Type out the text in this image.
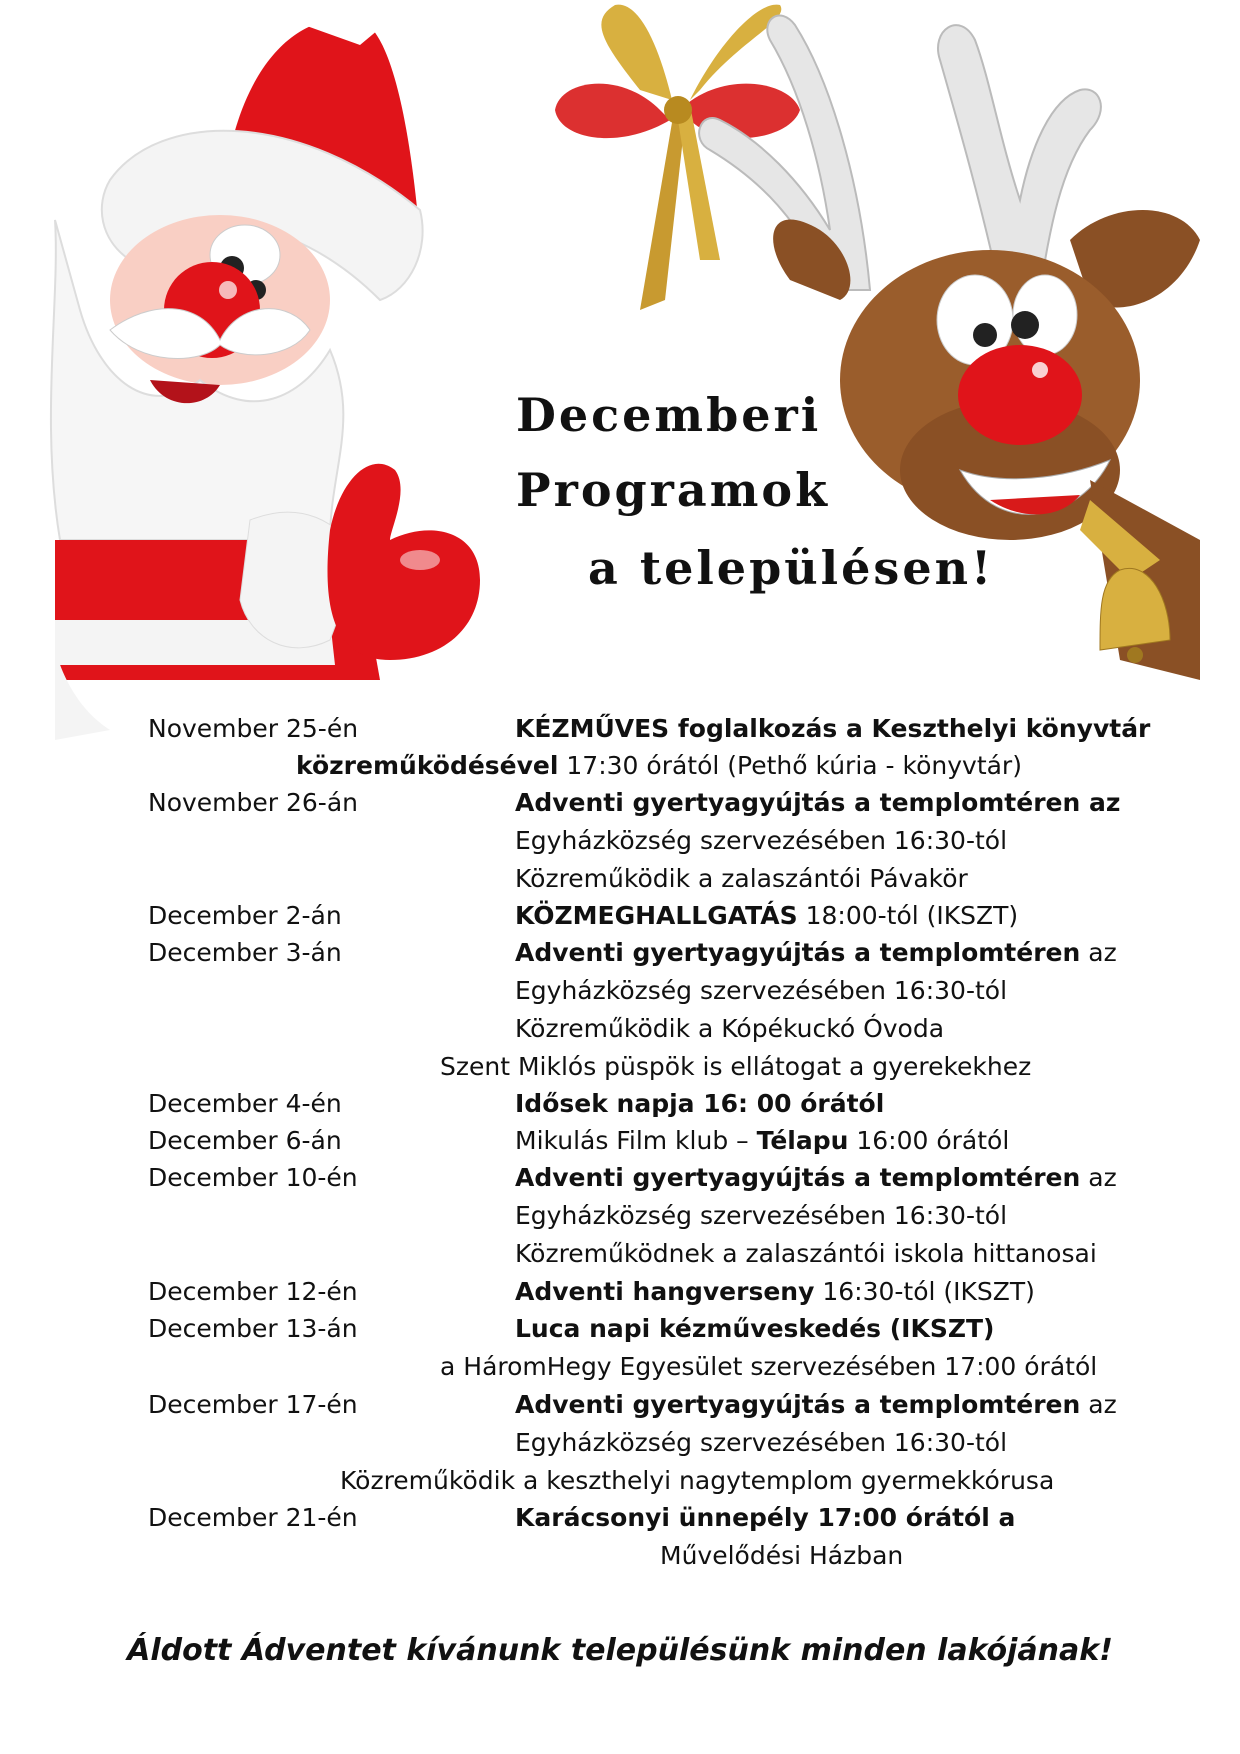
Decemberi
Programok
a településen!
November 25-én	KÉZMŰVES foglalkozás a Keszthelyi könyvtár
közreműködésével 17:30 órától (Pethő kúria - könyvtár)
November 26-án	Adventi gyertyagyújtás a templomtéren az
Egyházközség szervezésében 16:30-tól
Közreműködik a zalaszántói Pávakör
December 2-án	KÖZMEGHALLGATÁS 18:00-tól (IKSZT)
December 3-án	Adventi gyertyagyújtás a templomtéren az
Egyházközség szervezésében 16:30-tól
Közreműködik a Kópékuckó Óvoda
Szent Miklós püspök is ellátogat a gyerekekhez
December 4-én	Idősek napja 16: 00 órától
December 6-án	Mikulás Film klub – Télapu 16:00 órától
December 10-én	Adventi gyertyagyújtás a templomtéren az
Egyházközség szervezésében 16:30-tól
Közreműködnek a zalaszántói iskola hittanosai
December 12-én	Adventi hangverseny 16:30-tól (IKSZT)
December 13-án	Luca napi kézműveskedés (IKSZT)
a HáromHegy Egyesület szervezésében 17:00 órától
December 17-én	Adventi gyertyagyújtás a templomtéren az
Egyházközség szervezésében 16:30-tól
Közreműködik a keszthelyi nagytemplom gyermekkórusa
December 21-én	Karácsonyi ünnepély 17:00 órától a
Művelődési Házban
Áldott Ádventet kívánunk településünk minden lakójának!
